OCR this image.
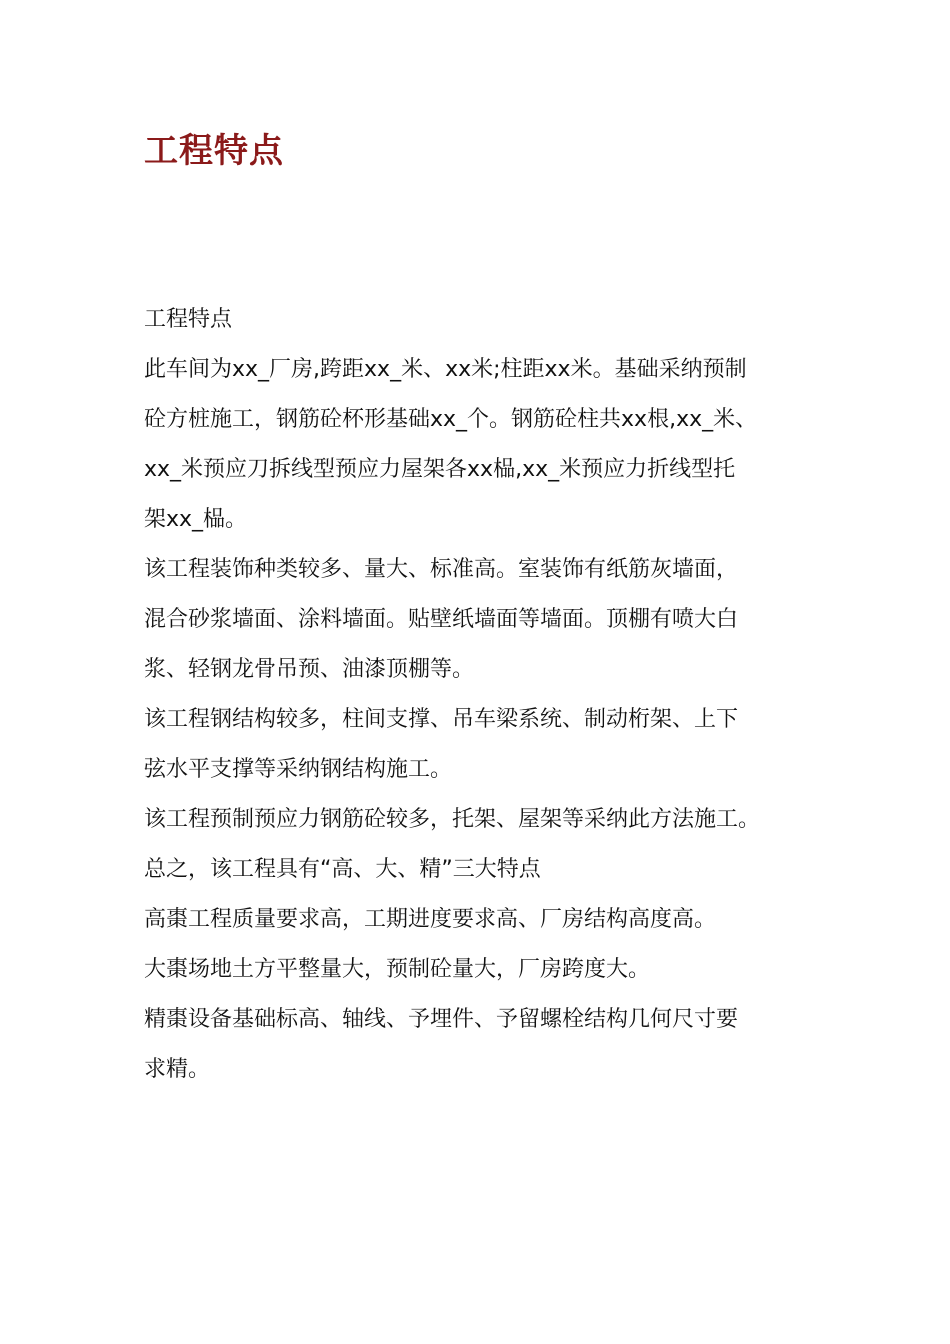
工程特点

工程特点

此车间为xx_厂房,跨距xx_米、xx米;柱距xx米。基础采纳预制

砼方桩施工，钢筋砼杯形基础xx_个。钢筋砼柱共xx根,xx_米、

xx_米预应刀拆线型预应力屋架各xx榀,xx_米预应力折线型托

架xx_榀。

该工程装饰种类较多、量大、标准高。室装饰有纸筋灰墙面，

混合砂浆墙面、涂料墙面。贴壁纸墙面等墙面。顶棚有喷大白

浆、轻钢龙骨吊预、油漆顶棚等。

该工程钢结构较多，柱间支撑、吊车梁系统、制动桁架、上下

弦水平支撑等采纳钢结构施工。

该工程预制预应力钢筋砼较多，托架、屋架等采纳此方法施工。

总之，该工程具有“高、大、精”三大特点

高棗工程质量要求高，工期进度要求高、厂房结构高度高。

大棗场地土方平整量大，预制砼量大，厂房跨度大。

精棗设备基础标高、轴线、予埋件、予留螺栓结构几何尺寸要

求精。
